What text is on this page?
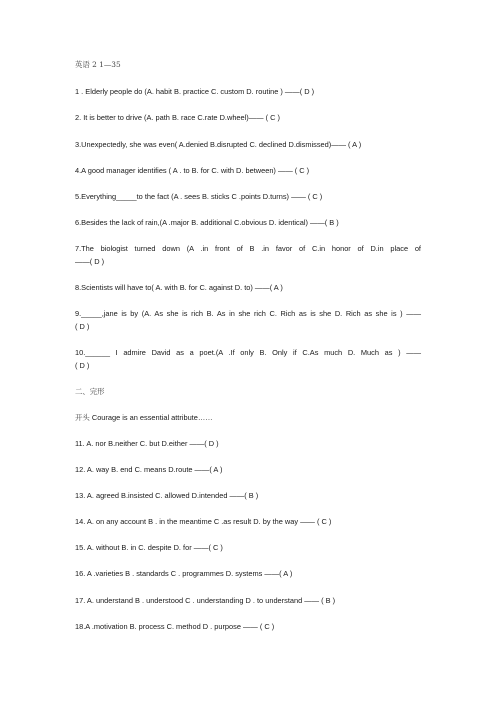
英语 2 1—35
1 . Elderly people do (A. habit B. practice C. custom D. routine ) ——( D )
2. It is better to drive (A. path B. race C.rate D.wheel)—— ( C )
3.Unexpectedly, she was even( A.denied B.disrupted C. declined D.dismissed)—— ( A )
4.A good manager identifies ( A . to B. for C. with D. between) —— ( C )
5.Everything_____to the fact (A . sees B. sticks C .points D.turns) —— ( C )
6.Besides the lack of rain,(A .major B. additional C.obvious D. identical) ——( B )
7.The biologist turned down (A .in front of B .in favor of C.in honor of D.in place of
——( D )
8.Scientists will have to( A. with B. for C. against D. to) ——( A )
9._____,jane is by (A. As she is rich B. As in she rich C. Rich as is she D. Rich as she is ) ——
( D )
10.______ I admire David as a poet.(A .If only B. Only if C.As much D. Much as ) ——
( D )
二、完形
开头 Courage is an essential attribute……
11. A. nor B.neither C. but D.either ——( D )
12. A. way B. end C. means D.route ——( A )
13. A. agreed B.insisted C. allowed D.intended ——( B )
14. A. on any account B . in the meantime C .as result D. by the way —— ( C )
15. A. without B. in C. despite D. for ——( C )
16. A .varieties B . standards C . programmes D. systems ——( A )
17. A. understand B . understood C . understanding D . to understand —— ( B )
18.A .motivation B. process C. method D . purpose —— ( C )
